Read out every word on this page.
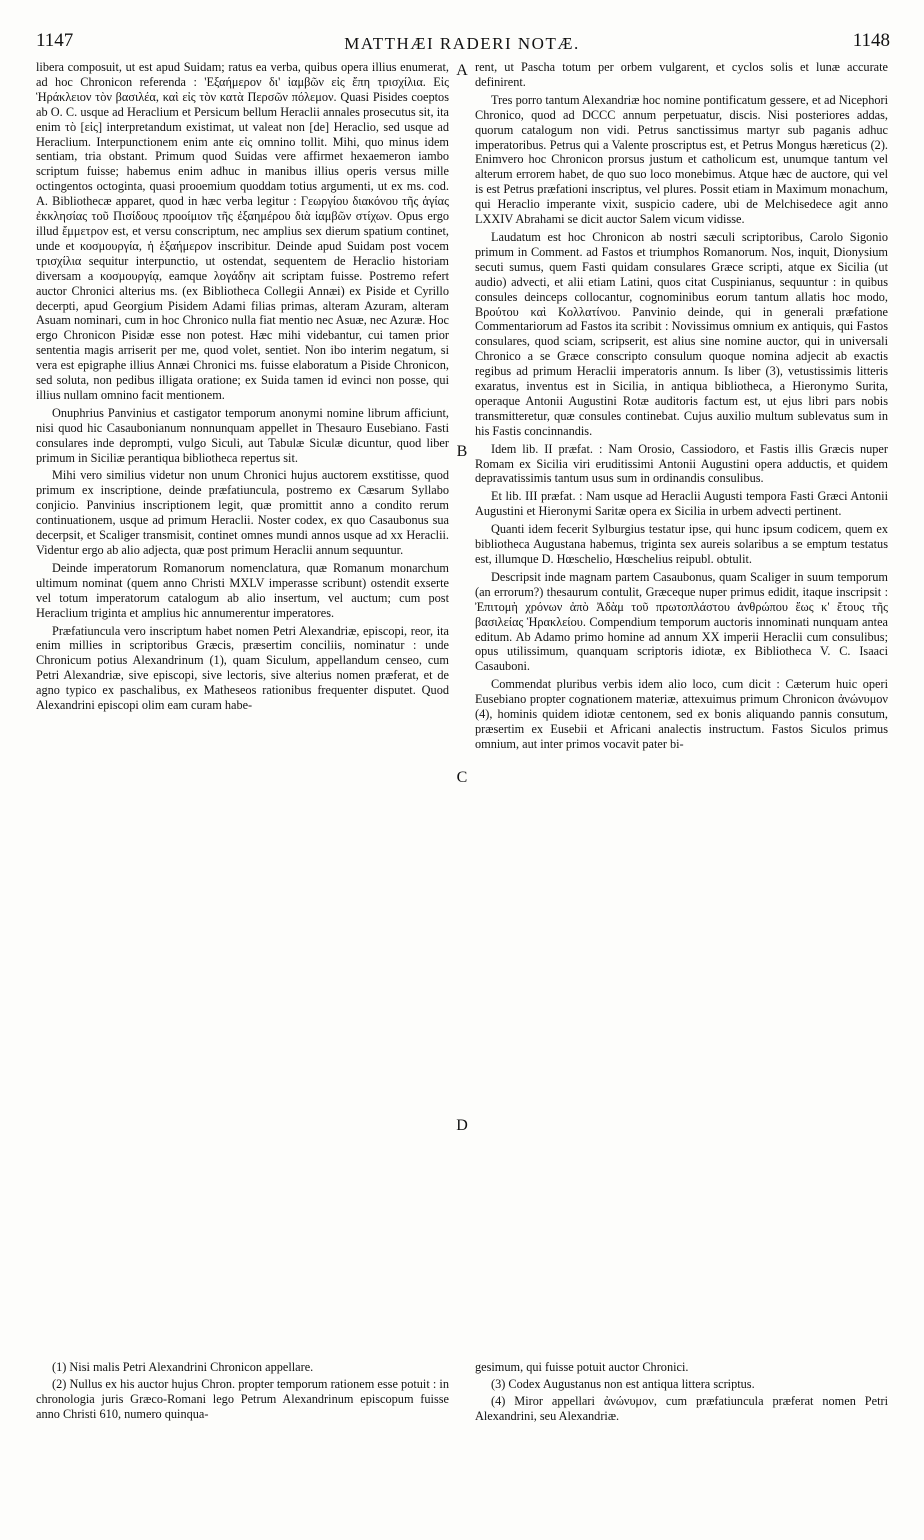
1147	MATTHÆI RADERI NOTÆ.	1148

libera composuit, ut est apud Suidam; ratus ea verba, quibus opera illius enumerat, ad hoc Chronicon referenda : 'Εξαήμερον δι' ἰαμβῶν εἰς ἔπη τρισχίλια. Εἰς Ἡράκλειον τὸν βασιλέα, καὶ εἰς τὸν κατὰ Περσῶν πόλεμον. Quasi Pisides coeptos ab O. C. usque ad Heraclium et Persicum bellum Heraclii annales prosecutus sit, ita enim τὸ [εἰς] interpretandum existimat, ut valeat non [de] Heraclio, sed usque ad Heraclium. Interpunctionem enim ante εἰς omnino tollit. Mihi, quo minus idem sentiam, tria obstant. Primum quod Suidas vere affirmet hexaemeron iambo scriptum fuisse; habemus enim adhuc in manibus illius operis versus mille octingentos octoginta, quasi prooemium quoddam totius argumenti, ut ex ms. cod. A. Bibliothecæ apparet, quod in hæc verba legitur : Γεωργίου διακόνου τῆς ἁγίας ἐκκλησίας τοῦ Πισίδους προοίμιον τῆς ἐξαημέρου διὰ ἰαμβῶν στίχων. Opus ergo illud ἔμμετρον est, et versu conscriptum, nec amplius sex dierum spatium continet, unde et κοσμουργία, ἡ ἑξαήμερον inscribitur. Deinde apud Suidam post vocem τρισχίλια sequitur interpunctio, ut ostendat, sequentem de Heraclio historiam diversam a κοσμουργίᾳ, eamque λογάδην ait scriptam fuisse. Postremo refert auctor Chronici alterius ms. (ex Bibliotheca Collegii Annæi) ex Piside et Cyrillo decerpti, apud Georgium Pisidem Adami filias primas, alteram Azuram, alteram Asuam nominari, cum in hoc Chronico nulla fiat mentio nec Asuæ, nec Azuræ. Hoc ergo Chronicon Pisidæ esse non potest. Hæc mihi videbantur, cui tamen prior sententia magis arriserit per me, quod volet, sentiet. Non ibo interim negatum, si vera est epigraphe illius Annæi Chronici ms. fuisse elaboratum a Piside Chronicon, sed soluta, non pedibus illigata oratione; ex Suida tamen id evinci non posse, qui illius nullam omnino facit mentionem.

Onuphrius Panvinius et castigator temporum anonymi nomine librum afficiunt, nisi quod hic Casaubonianum nonnunquam appellet in Thesauro Eusebiano. Fasti consulares inde deprompti, vulgo Siculi, aut Tabulæ Siculæ dicuntur, quod liber primum in Siciliæ perantiqua bibliotheca repertus sit.

Mihi vero similius videtur non unum Chronici hujus auctorem exstitisse, quod primum ex inscriptione, deinde præfatiuncula, postremo ex Cæsarum Syllabo conjicio. Panvinius inscriptionem legit, quæ promittit anno a condito rerum continuationem, usque ad primum Heraclii. Noster codex, ex quo Casaubonus sua decerpsit, et Scaliger transmisit, continet omnes mundi annos usque ad xx Heraclii. Videntur ergo ab alio adjecta, quæ post primum Heraclii annum sequuntur.

Deinde imperatorum Romanorum nomenclatura, quæ Romanum monarchum ultimum nominat (quem anno Christi MXLV imperasse scribunt) ostendit exserte vel totum imperatorum catalogum ab alio insertum, vel auctum; cum post Heraclium triginta et amplius hic annumerentur imperatores.

Præfatiuncula vero inscriptum habet nomen Petri Alexandriæ, episcopi, reor, ita enim millies in scriptoribus Græcis, præsertim conciliis, nominatur : unde Chronicum potius Alexandrinum (1), quam Siculum, appellandum censeo, cum Petri Alexandriæ, sive episcopi, sive lectoris, sive alterius nomen præferat, et de agno typico ex paschalibus, ex Matheseos rationibus frequenter disputet. Quod Alexandrini episcopi olim eam curam habe-

A
B
C
D

rent, ut Pascha totum per orbem vulgarent, et cyclos solis et lunæ accurate definirent.

Tres porro tantum Alexandriæ hoc nomine pontificatum gessere, et ad Nicephori Chronico, quod ad DCCC annum perpetuatur, discis. Nisi posteriores addas, quorum catalogum non vidi. Petrus sanctissimus martyr sub paganis adhuc imperatoribus. Petrus qui a Valente proscriptus est, et Petrus Mongus hæreticus (2). Enimvero hoc Chronicon prorsus justum et catholicum est, unumque tantum vel alterum errorem habet, de quo suo loco monebimus. Atque hæc de auctore, qui vel is est Petrus præfationi inscriptus, vel plures. Possit etiam in Maximum monachum, qui Heraclio imperante vixit, suspicio cadere, ubi de Melchisedece agit anno LXXIV Abrahami se dicit auctor Salem vicum vidisse.

Laudatum est hoc Chronicon ab nostri sæculi scriptoribus, Carolo Sigonio primum in Comment. ad Fastos et triumphos Romanorum. Nos, inquit, Dionysium secuti sumus, quem Fasti quidam consulares Græce scripti, atque ex Sicilia (ut audio) advecti, et alii etiam Latini, quos citat Cuspinianus, sequuntur : in quibus consules deinceps collocantur, cognominibus eorum tantum allatis hoc modo, Βρούτου καὶ Κολλατίνου. Panvinio deinde, qui in generali præfatione Commentariorum ad Fastos ita scribit : Novissimus omnium ex antiquis, qui Fastos consulares, quod sciam, scripserit, est alius sine nomine auctor, qui in universali Chronico a se Græce conscripto consulum quoque nomina adjecit ab exactis regibus ad primum Heraclii imperatoris annum. Is liber (3), vetustissimis litteris exaratus, inventus est in Sicilia, in antiqua bibliotheca, a Hieronymo Surita, operaque Antonii Augustini Rotæ auditoris factum est, ut ejus libri pars nobis transmitteretur, quæ consules continebat. Cujus auxilio multum sublevatus sum in his Fastis concinnandis.

Idem lib. II præfat. : Nam Orosio, Cassiodoro, et Fastis illis Græcis nuper Romam ex Sicilia viri eruditissimi Antonii Augustini opera adductis, et quidem depravatissimis tantum usus sum in ordinandis consulibus.

Et lib. III præfat. : Nam usque ad Heraclii Augusti tempora Fasti Græci Antonii Augustini et Hieronymi Saritæ opera ex Sicilia in urbem advecti pertinent.

Quanti idem fecerit Sylburgius testatur ipse, qui hunc ipsum codicem, quem ex bibliotheca Augustana habemus, triginta sex aureis solaribus a se emptum testatus est, illumque D. Hœschelio, Hœschelius reipubl. obtulit.

Descripsit inde magnam partem Casaubonus, quam Scaliger in suum temporum (an errorum?) thesaurum contulit, Græceque nuper primus edidit, itaque inscripsit : Ἐπιτομὴ χρόνων ἀπὸ Ἀδὰμ τοῦ πρωτοπλάστου ἀνθρώπου ἕως κ' ἔτους τῆς βασιλείας Ἡρακλείου. Compendium temporum auctoris innominati nunquam antea editum. Ab Adamo primo homine ad annum XX imperii Heraclii cum consulibus; opus utilissimum, quanquam scriptoris idiotæ, ex Bibliotheca V. C. Isaaci Casauboni.

Commendat pluribus verbis idem alio loco, cum dicit : Cæterum huic operi Eusebiano propter cognationem materiæ, attexuimus primum Chronicon ἀνώνυμον (4), hominis quidem idiotæ centonem, sed ex bonis aliquando pannis consutum, præsertim ex Eusebii et Africani analectis instructum. Fastos Siculos primus omnium, aut inter primos vocavit pater bi-

(1) Nisi malis Petri Alexandrini Chronicon appellare.

(2) Nullus ex his auctor hujus Chron. propter temporum rationem esse potuit : in chronologia juris Græco-Romani lego Petrum Alexandrinum episcopum fuisse anno Christi 610, numero quinqua-

gesimum, qui fuisse potuit auctor Chronici.

(3) Codex Augustanus non est antiqua littera scriptus.

(4) Miror appellari ἀνώνυμον, cum præfatiuncula præferat nomen Petri Alexandrini, seu Alexandriæ.
